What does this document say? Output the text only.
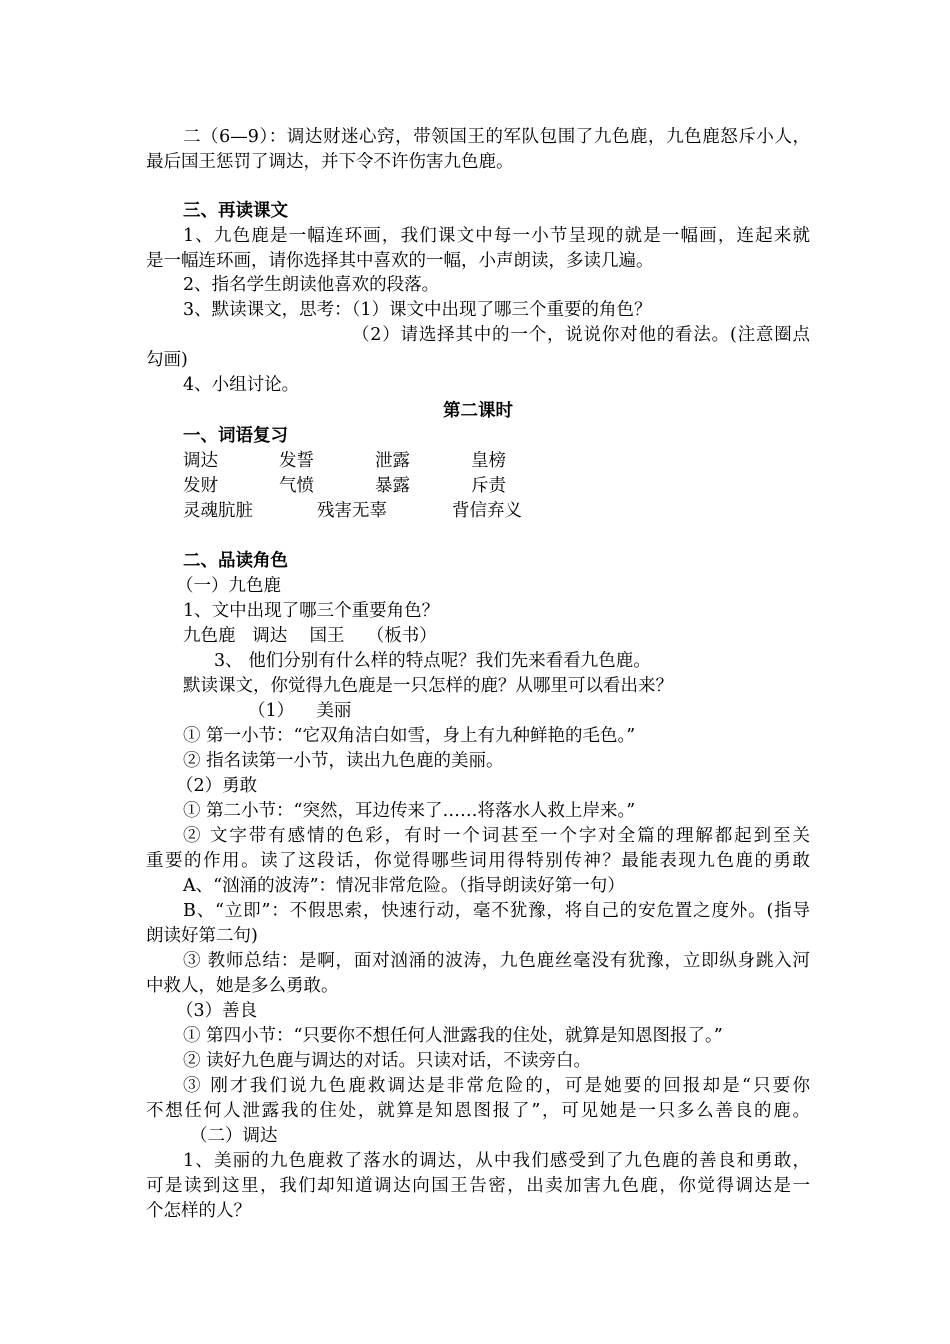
二（6—9）：调达财迷心窍，带领国王的军队包围了九色鹿，九色鹿怒斥小人，
最后国王惩罚了调达，并下令不许伤害九色鹿。
三、再读课文
1、九色鹿是一幅连环画，我们课文中每一小节呈现的就是一幅画，连起来就
是一幅连环画，请你选择其中喜欢的一幅，小声朗读，多读几遍。
2、指名学生朗读他喜欢的段落。
3、默读课文，思考：（1）课文中出现了哪三个重要的角色？
（2）请选择其中的一个，说说你对他的看法。(注意圈点
勾画)
4、小组讨论。
第二课时
一、词语复习
调达	发誓	泄露	皇榜
发财	气愤	暴露	斥责
灵魂肮脏	残害无辜	背信弃义
二、品读角色
（一）九色鹿
1、文中出现了哪三个重要角色？
九色鹿   调达    国王    （板书）
3、 他们分别有什么样的特点呢？我们先来看看九色鹿。
默读课文，你觉得九色鹿是一只怎样的鹿？从哪里可以看出来？
（1）    美丽
① 第一小节：“它双角洁白如雪，身上有九种鲜艳的毛色。”
② 指名读第一小节，读出九色鹿的美丽。
（2）勇敢
① 第二小节：“突然，耳边传来了……将落水人救上岸来。”
② 文字带有感情的色彩，有时一个词甚至一个字对全篇的理解都起到至关
重要的作用。读了这段话，你觉得哪些词用得特别传神？最能表现九色鹿的勇敢
A、“汹涌的波涛”：情况非常危险。（指导朗读好第一句）
B、“立即”：不假思索，快速行动，毫不犹豫，将自己的安危置之度外。(指导
朗读好第二句)
③ 教师总结：是啊，面对汹涌的波涛，九色鹿丝毫没有犹豫，立即纵身跳入河
中救人，她是多么勇敢。
（3）善良
① 第四小节：“只要你不想任何人泄露我的住处，就算是知恩图报了。”
② 读好九色鹿与调达的对话。只读对话，不读旁白。
③ 刚才我们说九色鹿救调达是非常危险的，可是她要的回报却是“只要你
不想任何人泄露我的住处，就算是知恩图报了”，可见她是一只多么善良的鹿。
（二）调达
1、美丽的九色鹿救了落水的调达，从中我们感受到了九色鹿的善良和勇敢，
可是读到这里，我们却知道调达向国王告密，出卖加害九色鹿，你觉得调达是一
个怎样的人？
